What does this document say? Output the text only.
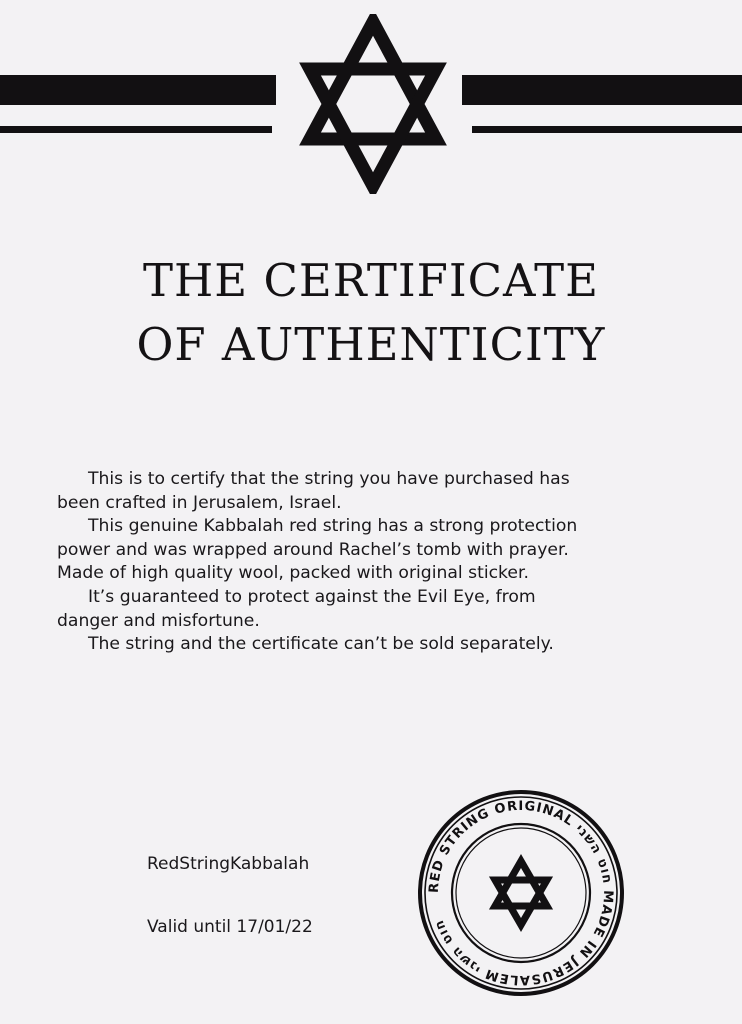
THE CERTIFICATE
OF AUTHENTICITY

This is to certify that the string you have purchased has
been crafted in Jerusalem, Israel.

This genuine Kabbalah red string has a strong protection
power and was wrapped around Rachel’s tomb with prayer.
Made of high quality wool, packed with original sticker.

It’s guaranteed to protect against the Evil Eye, from
danger and misfortune.

The string and the certificate can’t be sold separately.

RedStringKabbalah
Valid until 17/01/22
RED STRING ORIGINAL חוט השני MADE IN JERUSALEM חוט השני
